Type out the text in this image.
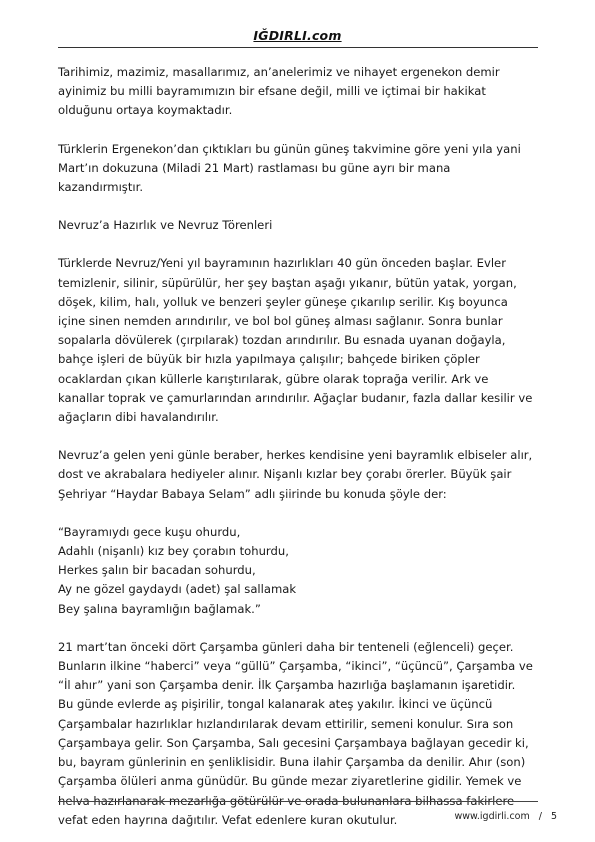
IĞDIRLI.com

Tarihimiz, mazimiz, masallarımız, an’anelerimiz ve nihayet ergenekon demir
ayinimiz bu milli bayramımızın bir efsane değil, milli ve içtimai bir hakikat
olduğunu ortaya koymaktadır.

Türklerin Ergenekon’dan çıktıkları bu günün güneş takvimine göre yeni yıla yani
Mart’ın dokuzuna (Miladi 21 Mart) rastlaması bu güne ayrı bir mana
kazandırmıştır.

Nevruz’a Hazırlık ve Nevruz Törenleri

Türklerde Nevruz/Yeni yıl bayramının hazırlıkları 40 gün önceden başlar. Evler
temizlenir, silinir, süpürülür, her şey baştan aşağı yıkanır, bütün yatak, yorgan,
döşek, kilim, halı, yolluk ve benzeri şeyler güneşe çıkarılıp serilir. Kış boyunca
içine sinen nemden arındırılır, ve bol bol güneş alması sağlanır. Sonra bunlar
sopalarla dövülerek (çırpılarak) tozdan arındırılır. Bu esnada uyanan doğayla,
bahçe işleri de büyük bir hızla yapılmaya çalışılır; bahçede biriken çöpler
ocaklardan çıkan küllerle karıştırılarak, gübre olarak toprağa verilir. Ark ve
kanallar toprak ve çamurlarından arındırılır. Ağaçlar budanır, fazla dallar kesilir ve
ağaçların dibi havalandırılır.

Nevruz’a gelen yeni günle beraber, herkes kendisine yeni bayramlık elbiseler alır,
dost ve akrabalara hediyeler alınır. Nişanlı kızlar bey çorabı örerler. Büyük şair
Şehriyar “Haydar Babaya Selam” adlı şiirinde bu konuda şöyle der:

“Bayramıydı gece kuşu ohurdu,
Adahlı (nişanlı) kız bey çorabın tohurdu,
Herkes şalın bir bacadan sohurdu,
Ay ne gözel gaydaydı (adet) şal sallamak
Bey şalına bayramlığın bağlamak.”

21 mart’tan önceki dört Çarşamba günleri daha bir tenteneli (eğlenceli) geçer.
Bunların ilkine “haberci” veya “güllü” Çarşamba, “ikinci”, “üçüncü”, Çarşamba ve
“İl ahır” yani son Çarşamba denir. İlk Çarşamba hazırlığa başlamanın işaretidir.
Bu günde evlerde aş pişirilir, tongal kalanarak ateş yakılır. İkinci ve üçüncü
Çarşambalar hazırlıklar hızlandırılarak devam ettirilir, semeni konulur. Sıra son
Çarşambaya gelir. Son Çarşamba, Salı gecesini Çarşambaya bağlayan gecedir ki,
bu, bayram günlerinin en şenliklisidir. Buna ilahir Çarşamba da denilir. Ahır (son)
Çarşamba ölüleri anma günüdür. Bu günde mezar ziyaretlerine gidilir. Yemek ve
helva hazırlanarak mezarlığa götürülür ve orada bulunanlara bilhassa fakirlere
vefat eden hayrına dağıtılır. Vefat edenlere kuran okutulur.	www.igdirli.com / 5
